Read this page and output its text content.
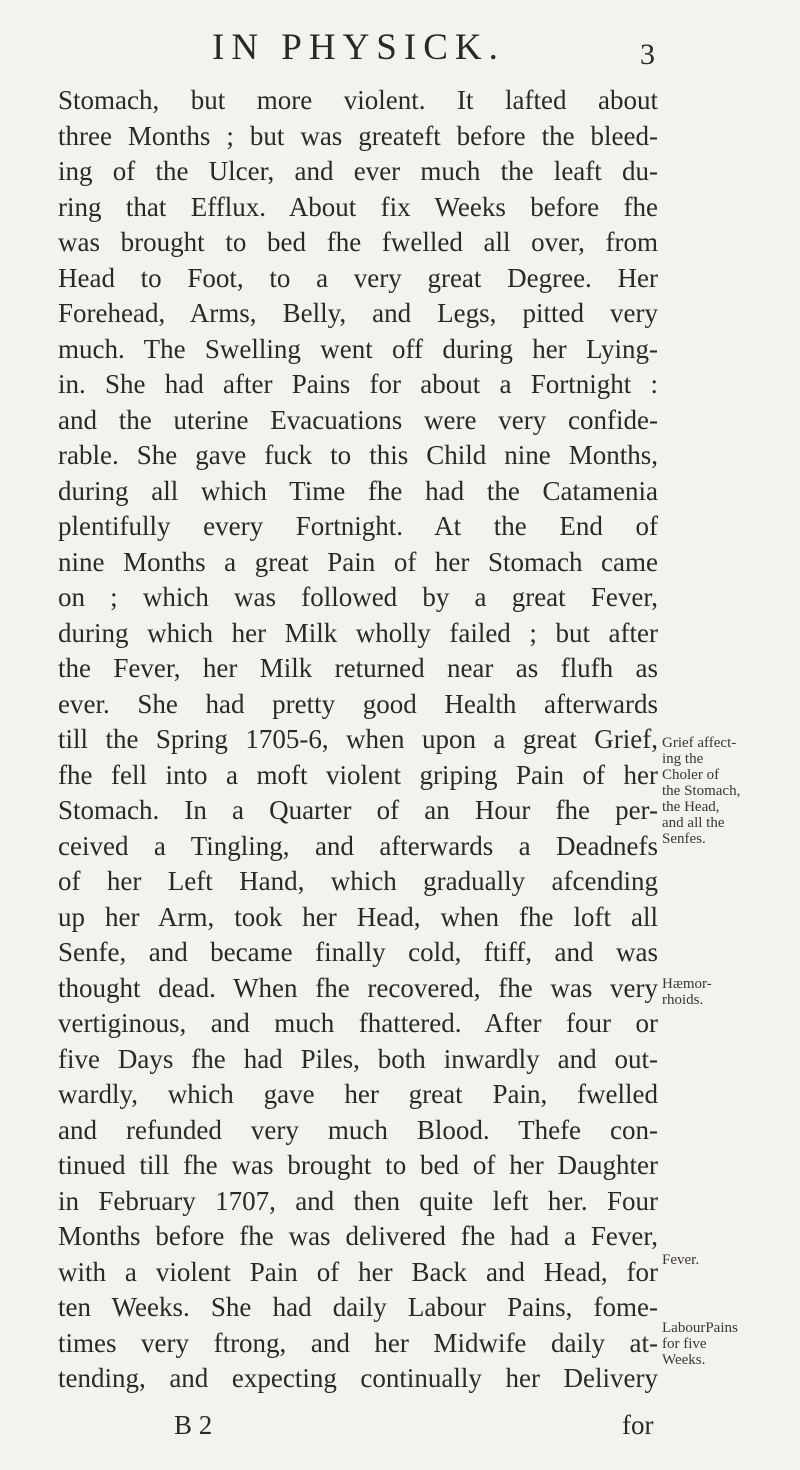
IN PHYSICK.	3
Stomach, but more violent. It lafted about
three Months ; but was greateft before the bleed-
ing of the Ulcer, and ever much the leaft du-
ring that Efflux. About fix Weeks before fhe
was brought to bed fhe fwelled all over, from
Head to Foot, to a very great Degree. Her
Forehead, Arms, Belly, and Legs, pitted very
much. The Swelling went off during her Lying-
in. She had after Pains for about a Fortnight :
and the uterine Evacuations were very confide-
rable. She gave fuck to this Child nine Months,
during all which Time fhe had the Catamenia
plentifully every Fortnight. At the End of
nine Months a great Pain of her Stomach came
on ; which was followed by a great Fever,
during which her Milk wholly failed ; but after
the Fever, her Milk returned near as flufh as
ever. She had pretty good Health afterwards
till the Spring 1705-6, when upon a great Grief,
fhe fell into a moft violent griping Pain of her
Stomach. In a Quarter of an Hour fhe per-
ceived a Tingling, and afterwards a Deadnefs
of her Left Hand, which gradually afcending
up her Arm, took her Head, when fhe loft all
Senfe, and became finally cold, ftiff, and was
thought dead. When fhe recovered, fhe was very
vertiginous, and much fhattered. After four or
five Days fhe had Piles, both inwardly and out-
wardly, which gave her great Pain, fwelled
and refunded very much Blood. Thefe con-
tinued till fhe was brought to bed of her Daughter
in February 1707, and then quite left her. Four
Months before fhe was delivered fhe had a Fever,
with a violent Pain of her Back and Head, for
ten Weeks. She had daily Labour Pains, fome-
times very ftrong, and her Midwife daily at-
tending, and expecting continually her Delivery
B 2	for
Grief affect-
ing the
Choler of
the Stomach,
the Head,
and all the
Senfes.
Hæmor-
rhoids.
Fever.
LabourPains
for five
Weeks.
